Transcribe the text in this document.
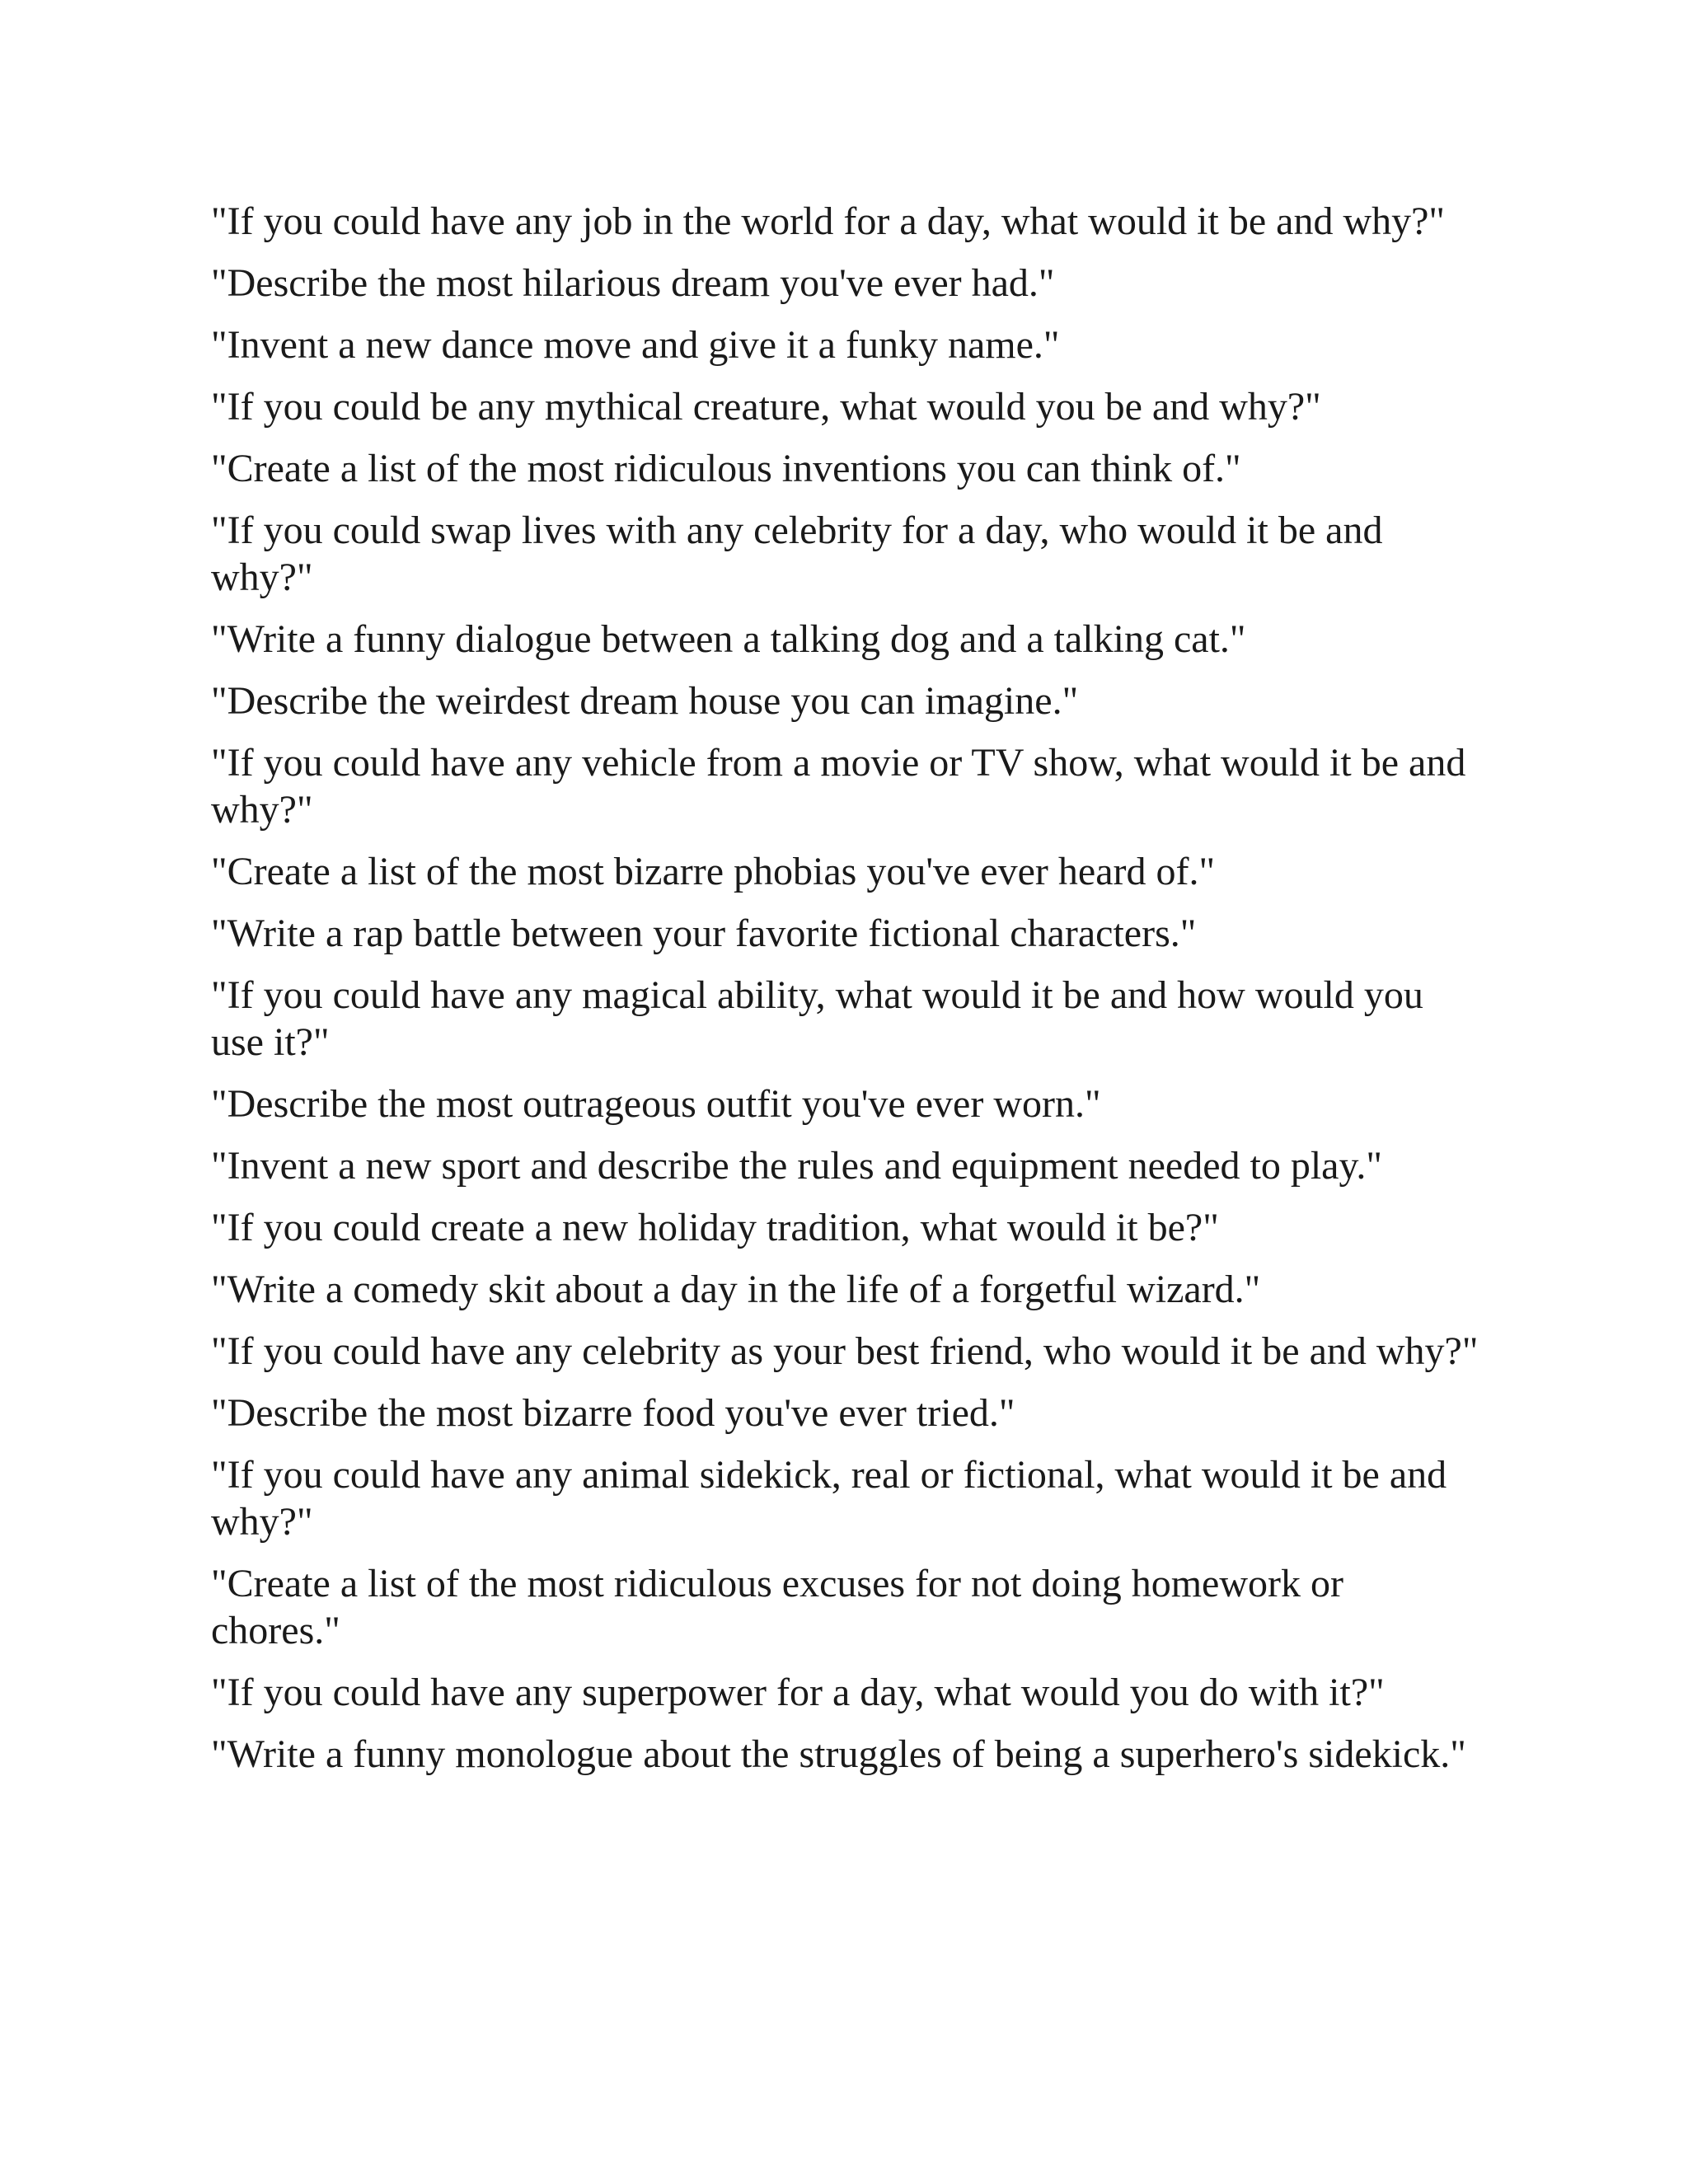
"If you could have any job in the world for a day, what would it be and why?"
"Describe the most hilarious dream you've ever had."
"Invent a new dance move and give it a funky name."
"If you could be any mythical creature, what would you be and why?"
"Create a list of the most ridiculous inventions you can think of."
"If you could swap lives with any celebrity for a day, who would it be and why?"
"Write a funny dialogue between a talking dog and a talking cat."
"Describe the weirdest dream house you can imagine."
"If you could have any vehicle from a movie or TV show, what would it be and why?"
"Create a list of the most bizarre phobias you've ever heard of."
"Write a rap battle between your favorite fictional characters."
"If you could have any magical ability, what would it be and how would you use it?"
"Describe the most outrageous outfit you've ever worn."
"Invent a new sport and describe the rules and equipment needed to play."
"If you could create a new holiday tradition, what would it be?"
"Write a comedy skit about a day in the life of a forgetful wizard."
"If you could have any celebrity as your best friend, who would it be and why?"
"Describe the most bizarre food you've ever tried."
"If you could have any animal sidekick, real or fictional, what would it be and why?"
"Create a list of the most ridiculous excuses for not doing homework or chores."
"If you could have any superpower for a day, what would you do with it?"
"Write a funny monologue about the struggles of being a superhero's sidekick."
